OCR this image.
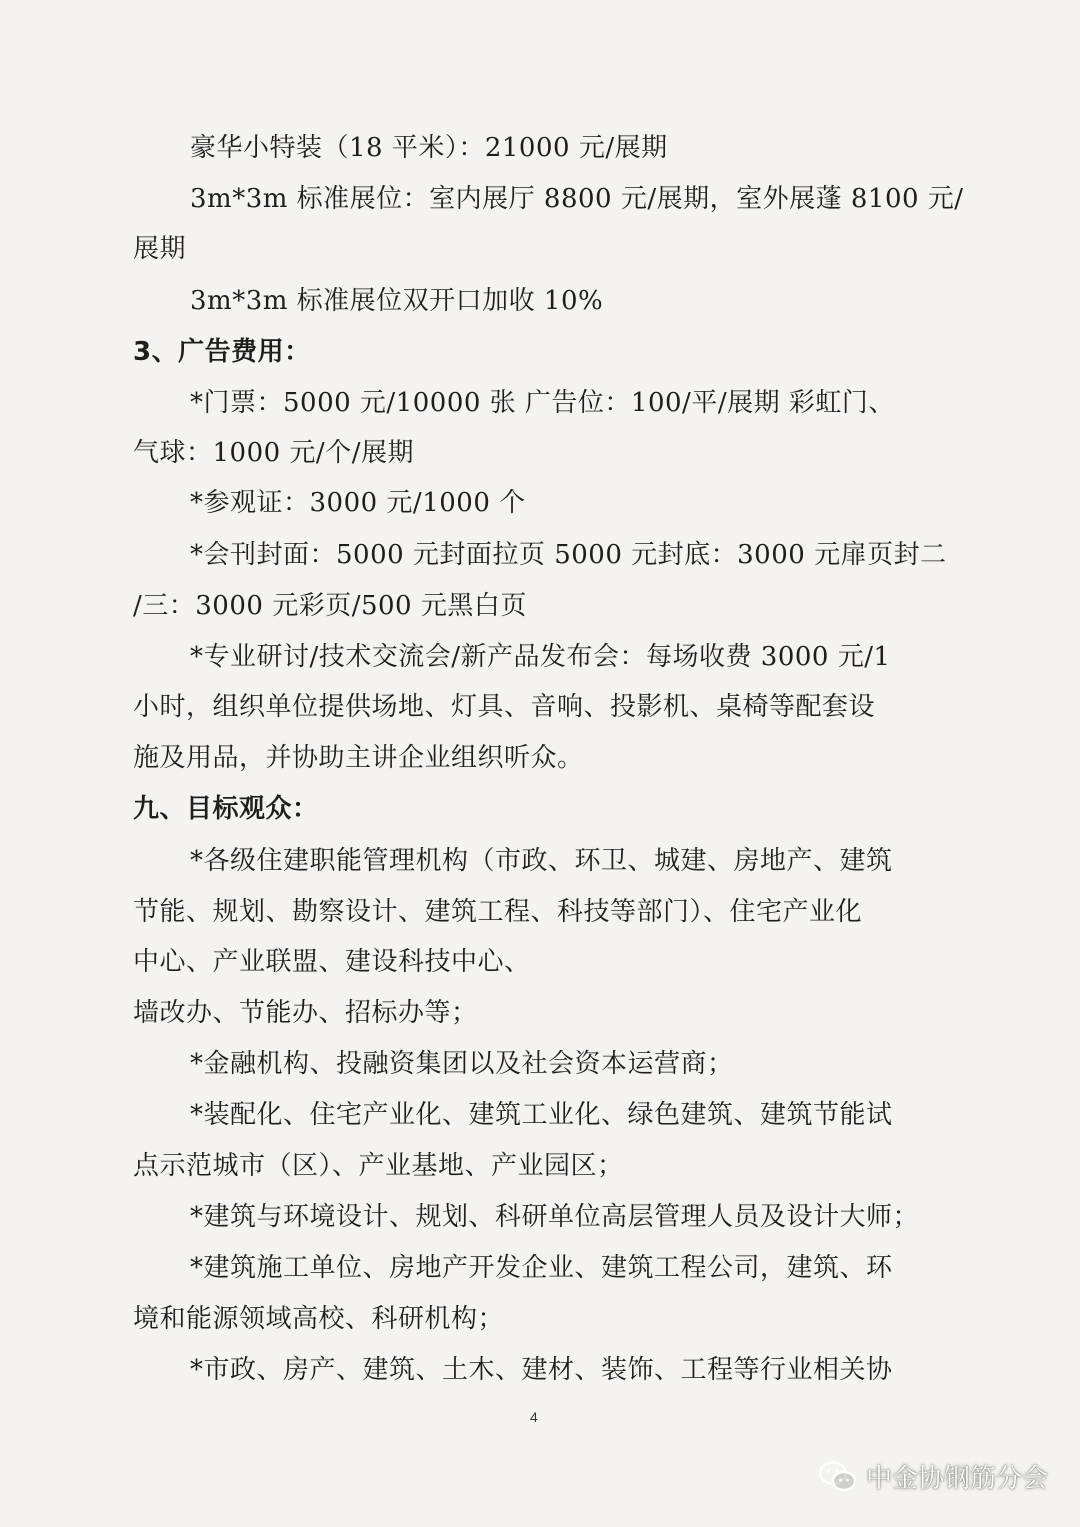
豪华小特装（18 平米）：21000 元/展期
3m*3m 标准展位：室内展厅 8800 元/展期，室外展蓬 8100 元/
展期
3m*3m 标准展位双开口加收 10%
3、广告费用：
*门票：5000 元/10000 张 广告位：100/平/展期 彩虹门、
气球：1000 元/个/展期
*参观证：3000 元/1000 个
*会刊封面：5000 元封面拉页 5000 元封底：3000 元扉页封二
/三：3000 元彩页/500 元黑白页
*专业研讨/技术交流会/新产品发布会：每场收费 3000 元/1
小时，组织单位提供场地、灯具、音响、投影机、桌椅等配套设
施及用品，并协助主讲企业组织听众。
九、目标观众：
*各级住建职能管理机构（市政、环卫、城建、房地产、建筑
节能、规划、勘察设计、建筑工程、科技等部门）、住宅产业化
中心、产业联盟、建设科技中心、
墙改办、节能办、招标办等；
*金融机构、投融资集团以及社会资本运营商；
*装配化、住宅产业化、建筑工业化、绿色建筑、建筑节能试
点示范城市（区）、产业基地、产业园区；
*建筑与环境设计、规划、科研单位高层管理人员及设计大师；
*建筑施工单位、房地产开发企业、建筑工程公司，建筑、环
境和能源领域高校、科研机构；
*市政、房产、建筑、土木、建材、装饰、工程等行业相关协
4
中金协钢筋分会
